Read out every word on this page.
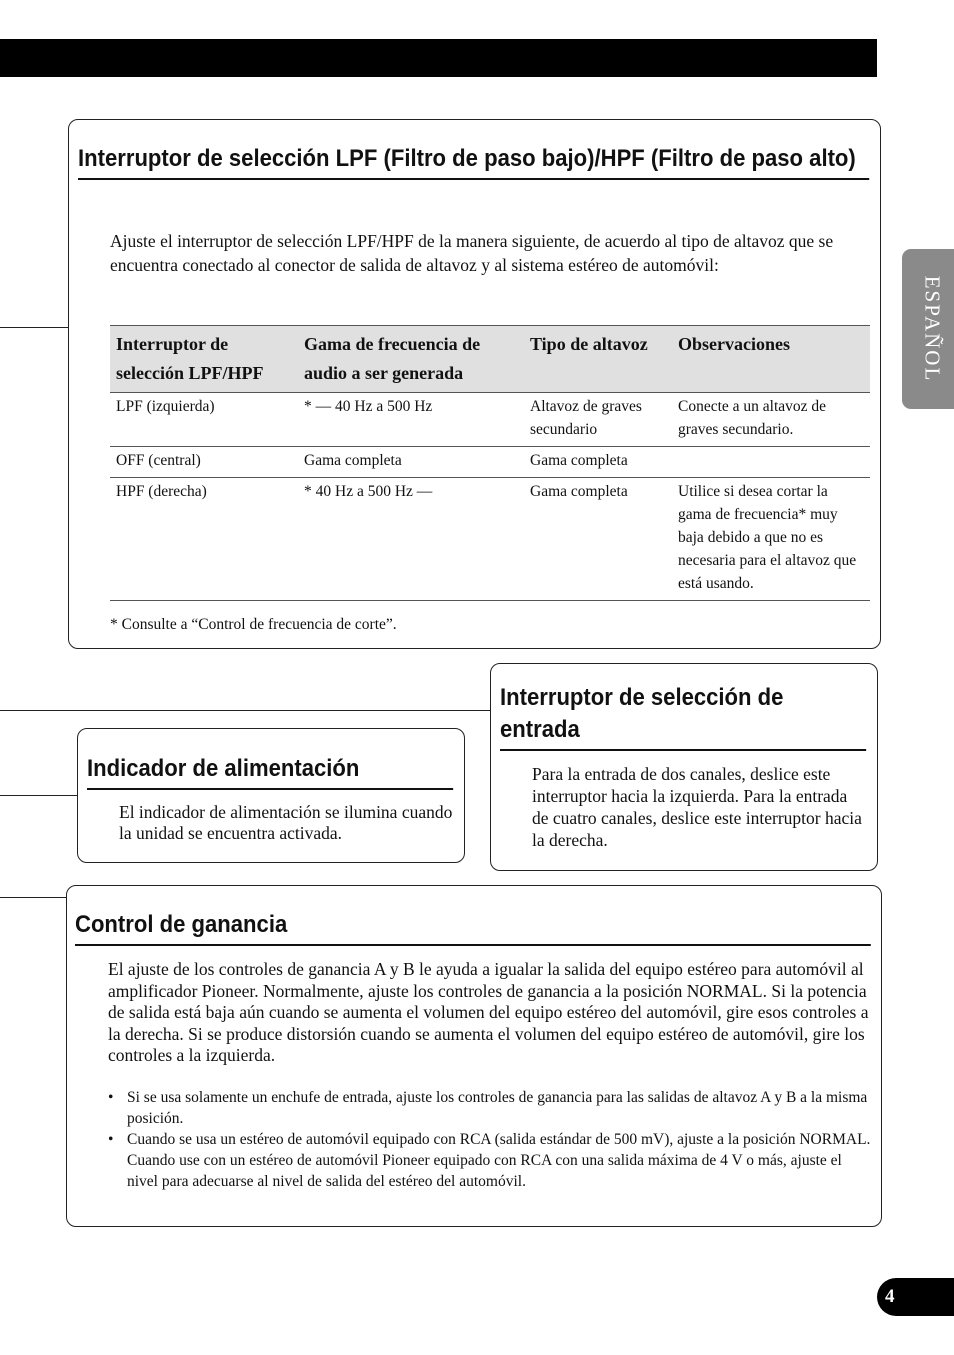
ESPAÑOL
Interruptor de selección LPF (Filtro de paso bajo)/HPF (Filtro de paso alto)

Ajuste el interruptor de selección LPF/HPF de la manera siguiente, de acuerdo al tipo de altavoz que se encuentra conectado al conector de salida de altavoz y al sistema estéreo de automóvil:

Interruptor de selección LPF/HPF	Gama de frecuencia de audio a ser generada	Tipo de altavoz	Observaciones
LPF (izquierda)	* — 40 Hz a 500 Hz	Altavoz de graves secundario	Conecte a un altavoz de graves secundario.
OFF (central)	Gama completa	Gama completa	
HPF (derecha)	* 40 Hz a 500 Hz —	Gama completa	Utilice si desea cortar la gama de frecuencia* muy baja debido a que no es necesaria para el altavoz que está usando.
* Consulte a “Control de frecuencia de corte”.
Interruptor de selección de entrada

Para la entrada de dos canales, deslice este interruptor hacia la izquierda. Para la entrada de cuatro canales, deslice este interruptor hacia la derecha.

Indicador de alimentación

El indicador de alimentación se ilumina cuando la unidad se encuentra activada.

Control de ganancia

El ajuste de los controles de ganancia A y B le ayuda a igualar la salida del equipo estéreo para automóvil al amplificador Pioneer. Normalmente, ajuste los controles de ganancia a la posición NORMAL. Si la potencia de salida está baja aún cuando se aumenta el volumen del equipo estéreo del automóvil, gire esos controles a la derecha. Si se produce distorsión cuando se aumenta el volumen del equipo estéreo de automóvil, gire los controles a la izquierda.

• Si se usa solamente un enchufe de entrada, ajuste los controles de ganancia para las salidas de altavoz A y B a la misma posición.
• Cuando se usa un estéreo de automóvil equipado con RCA (salida estándar de 500 mV), ajuste a la posición NORMAL. Cuando use con un estéreo de automóvil Pioneer equipado con RCA con una salida máxima de 4 V o más, ajuste el nivel para adecuarse al nivel de salida del estéreo del automóvil.
4
